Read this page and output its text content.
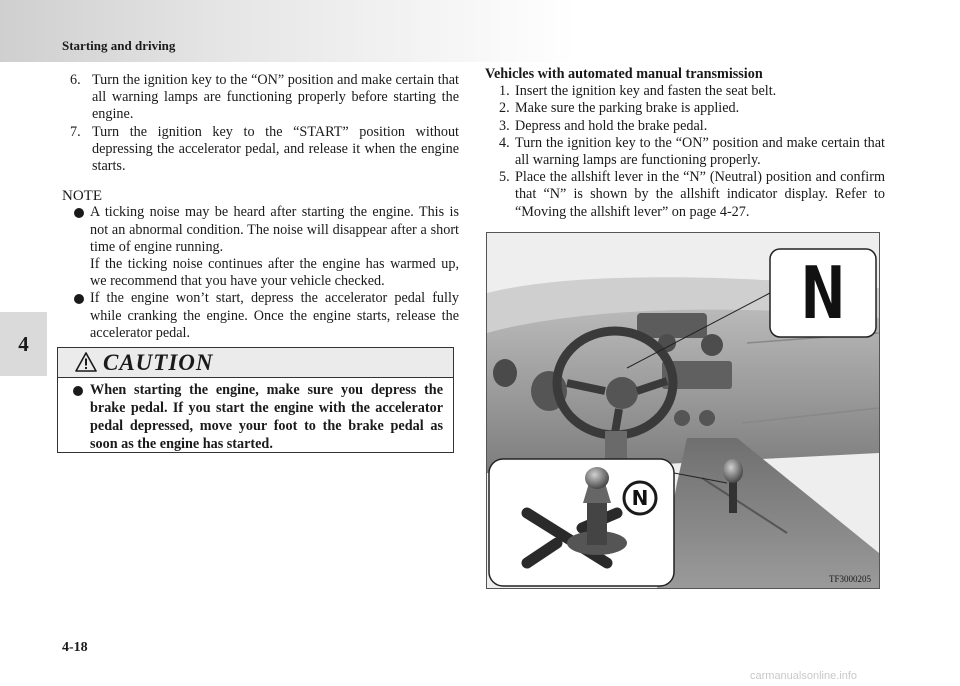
Starting and driving
4
6. Turn the ignition key to the “ON” position and make certain that all warning lamps are functioning properly before starting the engine.
7. Turn the ignition key to the “START” position without depressing the accelerator pedal, and release it when the engine starts.
NOTE
A ticking noise may be heard after starting the engine. This is not an abnormal condition. The noise will disappear after a short time of engine running.
If the ticking noise continues after the engine has warmed up, we recommend that you have your vehicle checked.
If the engine won’t start, depress the accelerator pedal fully while cranking the engine. Once the engine starts, release the accelerator pedal.
CAUTION
When starting the engine, make sure you depress the brake pedal. If you start the engine with the accelerator pedal depressed, move your foot to the brake pedal as soon as the engine has started.
Vehicles with automated manual transmission
1. Insert the ignition key and fasten the seat belt.
2. Make sure the parking brake is applied.
3. Depress and hold the brake pedal.
4. Turn the ignition key to the “ON” position and make certain that all warning lamps are functioning properly.
5. Place the allshift lever in the “N” (Neutral) position and confirm that “N” is shown by the allshift indicator display. Refer to “Moving the allshift lever” on page 4-27.
N
N
TF3000205
4-18
carmanualsonline.info
